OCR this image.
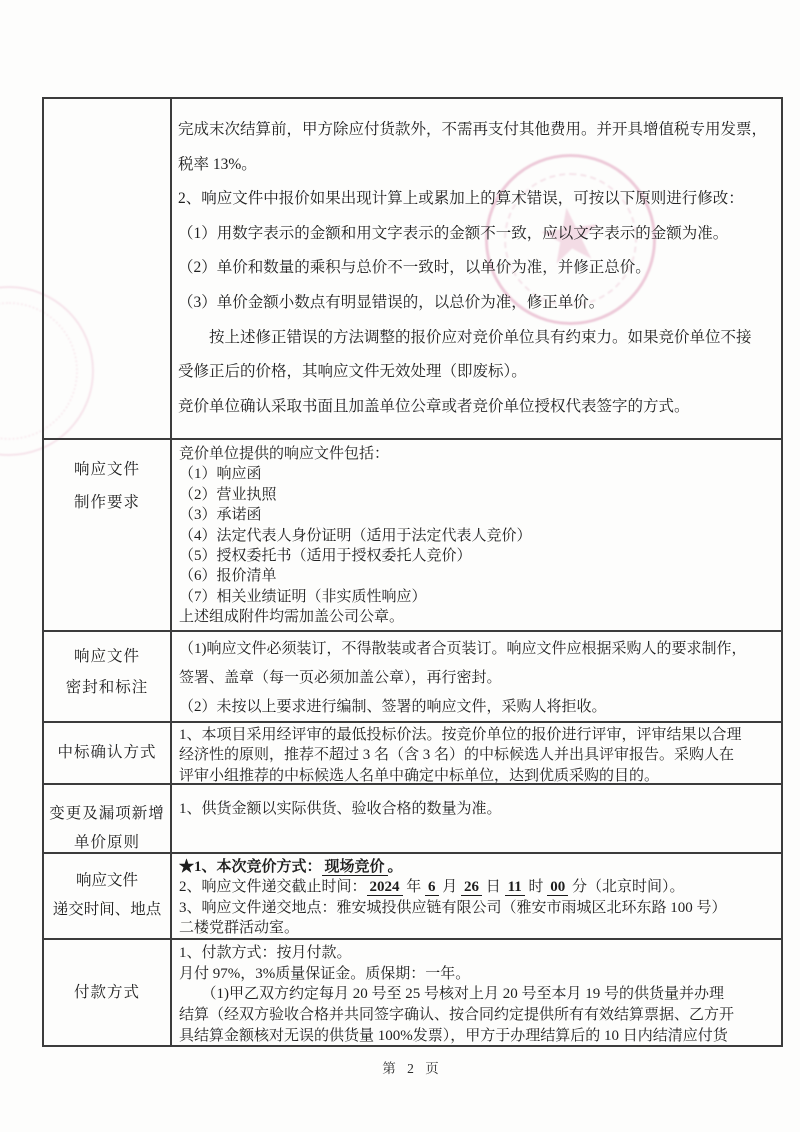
★
完成末次结算前，甲方除应付货款外，不需再支付其他费用。并开具增值税专用发票，
税率 13%。
2、响应文件中报价如果出现计算上或累加上的算术错误，可按以下原则进行修改：
（1）用数字表示的金额和用文字表示的金额不一致，应以文字表示的金额为准。
（2）单价和数量的乘积与总价不一致时，以单价为准，并修正总价。
（3）单价金额小数点有明显错误的，以总价为准，修正单价。
　　按上述修正错误的方法调整的报价应对竞价单位具有约束力。如果竞价单位不接
受修正后的价格，其响应文件无效处理（即废标）。
竞价单位确认采取书面且加盖单位公章或者竞价单位授权代表签字的方式。
响应文件
制作要求
竞价单位提供的响应文件包括：
（1）响应函
（2）营业执照
（3）承诺函
（4）法定代表人身份证明（适用于法定代表人竞价）
（5）授权委托书（适用于授权委托人竞价）
（6）报价清单
（7）相关业绩证明（非实质性响应）
上述组成附件均需加盖公司公章。
响应文件
密封和标注
（1)响应文件必须装订，不得散装或者合页装订。响应文件应根据采购人的要求制作，
签署、盖章（每一页必须加盖公章），再行密封。
（2）未按以上要求进行编制、签署的响应文件，采购人将拒收。
中标确认方式
1、本项目采用经评审的最低投标价法。按竞价单位的报价进行评审，评审结果以合理
经济性的原则，推荐不超过 3 名（含 3 名）的中标候选人并出具评审报告。采购人在
评审小组推荐的中标候选人名单中确定中标单位，达到优质采购的目的。
变更及漏项新增
单价原则
1、供货金额以实际供货、验收合格的数量为准。
响应文件
递交时间、地点
★1、本次竞价方式： 现场竞价 。
2、响应文件递交截止时间： 2024 年 6 月 26 日 11 时 00 分（北京时间）。
3、响应文件递交地点：雅安城投供应链有限公司（雅安市雨城区北环东路 100 号）
二楼党群活动室。
付款方式
1、付款方式：按月付款。
月付 97%，3%质量保证金。质保期：一年。
　　（1)甲乙双方约定每月 20 号至 25 号核对上月 20 号至本月 19 号的供货量并办理
结算（经双方验收合格并共同签字确认、按合同约定提供所有有效结算票据、乙方开
具结算金额核对无误的供货量 100%发票），甲方于办理结算后的 10 日内结清应付货
第 2 页
